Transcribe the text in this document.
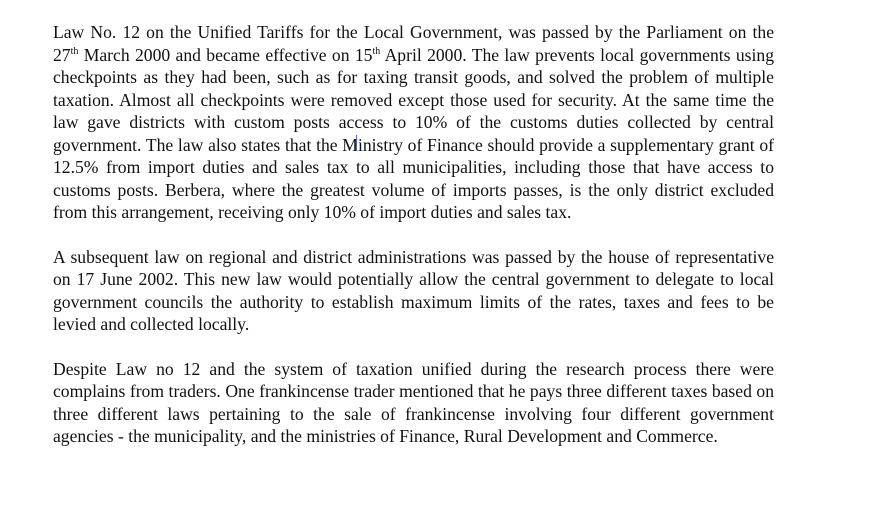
Law No. 12 on the Unified Tariffs for the Local Government, was passed by the Parliament on the 27th March 2000 and became effective on 15th April 2000. The law prevents local governments using checkpoints as they had been, such as for taxing transit goods, and solved the problem of multiple taxation. Almost all checkpoints were removed except those used for security. At the same time the law gave districts with custom posts access to 10% of the customs duties collected by central government. The law also states that the Ministry of Finance should provide a supplementary grant of 12.5% from import duties and sales tax to all municipalities, including those that have access to customs posts. Berbera, where the greatest volume of imports passes, is the only district excluded from this arrangement, receiving only 10% of import duties and sales tax.

A subsequent law on regional and district administrations was passed by the house of representative on 17 June 2002. This new law would potentially allow the central government to delegate to local government councils the authority to establish maximum limits of the rates, taxes and fees to be levied and collected locally.

Despite Law no 12 and the system of taxation unified during the research process there were complains from traders. One frankincense trader mentioned that he pays three different taxes based on three different laws pertaining to the sale of frankincense involving four different government agencies - the municipality, and the ministries of Finance, Rural Development and Commerce.
